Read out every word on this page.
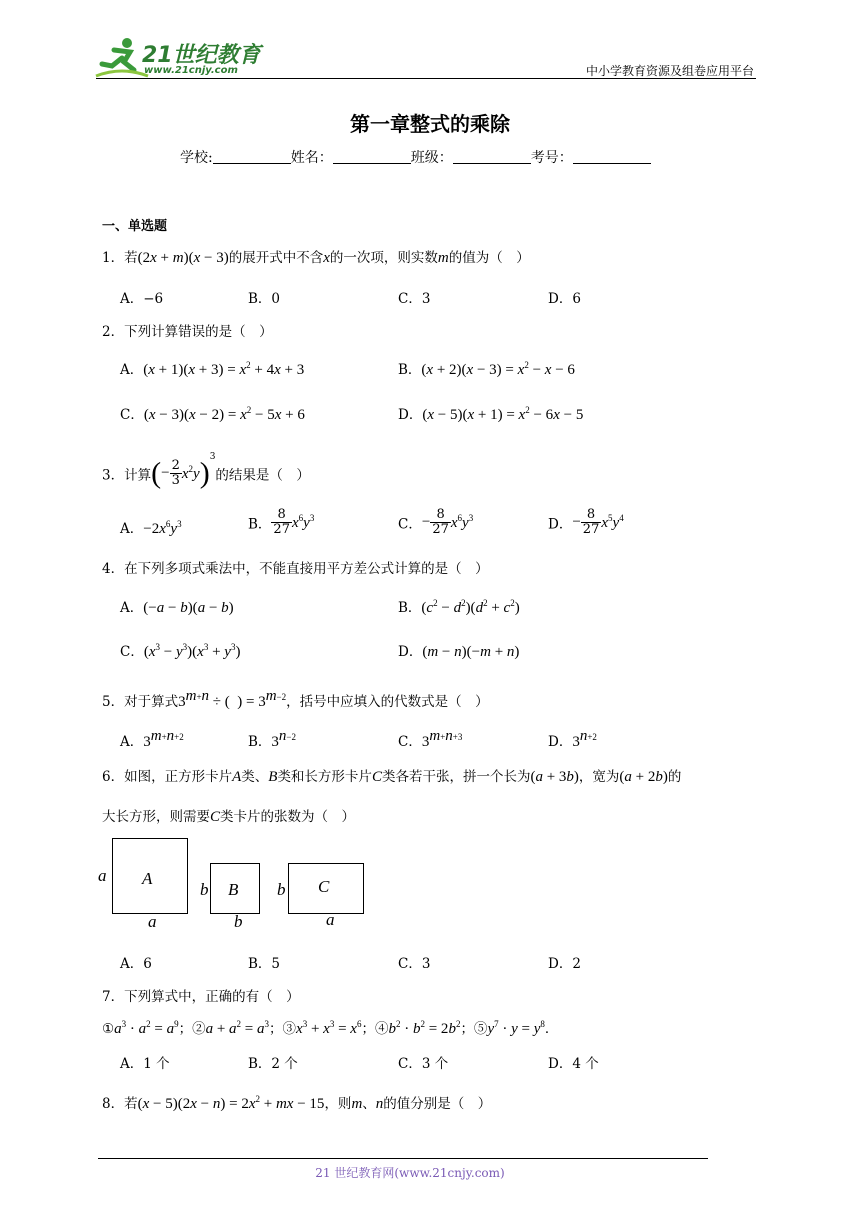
21世纪教育
www.21cnjy.com	中小学教育资源及组卷应用平台
第一章整式的乘除
学校:	姓名：	班级：	考号：
一、单选题
1．若(2x + m)(x − 3)的展开式中不含x的一次项，则实数m的值为（　）
A．−6	B．0	C．3	D．6
2．下列计算错误的是（　）
A．$(x + 1)(x + 3) = x^2 + 4x + 3$	B．$(x + 2)(x - 3) = x^2 - x - 6$
C．$(x - 3)(x - 2) = x^2 - 5x + 6$	D．$(x - 5)(x + 1) = x^2 - 6x - 5$
3．计算(− $\frac{2}{3} x^2y)^3$的结果是（　）
A．$-2x^6y^3$	B． $\frac{8}{27} x^6y^3$	C．− $\frac{8}{27} x^6y^3$	D．− $\frac{8}{27} x^5y^4$
4．在下列多项式乘法中，不能直接用平方差公式计算的是（　）
A．(−a − b)(a − b)	B．$(c^2 - d^2)(d^2 + c^2)$
C．$(x^3 - y^3)(x^3 + y^3)$	D．(m − n)(−m + n)
5．对于算式$3^{m+n}$ ÷ (  ) = $3^{m-2}$，括号中应填入的代数式是（　）
A．$3^{m+n+2}$	B．$3^{n-2}$	C．$3^{m+n+3}$	D．$3^{n+2}$
6．如图，正方形卡片A类、B类和长方形卡片C类各若干张，拼一个长为(a + 3b)，宽为(a + 2b)的
大长方形，则需要C类卡片的张数为（　）
A
a
a
B
b
b
C
b
a
A．6	B．5	C．3	D．2
7．下列算式中，正确的有（　）
$①a^3 \cdot a^2 = a^9$；②a + $a^2 = a^3$；$③x^3 + x^3 = x^6$；$④b^2 \cdot b^2 = 2b^2$；$⑤y^7 \cdot y = y^8$．
A．1 个	B．2 个	C．3 个	D．4 个
8．若$(x - 5)(2x - n) = 2x^2$ + mx − 15，则m、n的值分别是（　）
21 世纪教育网(www.21cnjy.com)
